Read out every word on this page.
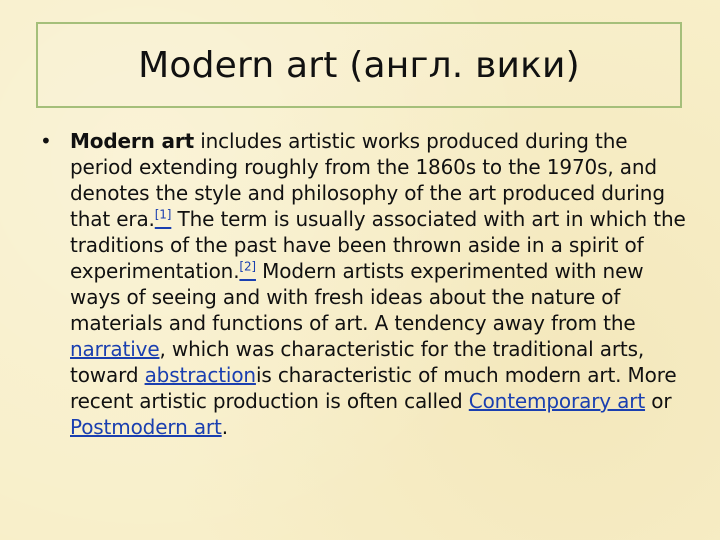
Modern art (англ. вики)
• Modern art includes artistic works produced during the period extending roughly from the 1860s to the 1970s, and denotes the style and philosophy of the art produced during that era.[1] The term is usually associated with art in which the traditions of the past have been thrown aside in a spirit of experimentation.[2] Modern artists experimented with new ways of seeing and with fresh ideas about the nature of materials and functions of art. A tendency away from the narrative, which was characteristic for the traditional arts, toward abstractionis characteristic of much modern art. More recent artistic production is often called Contemporary art or Postmodern art.
